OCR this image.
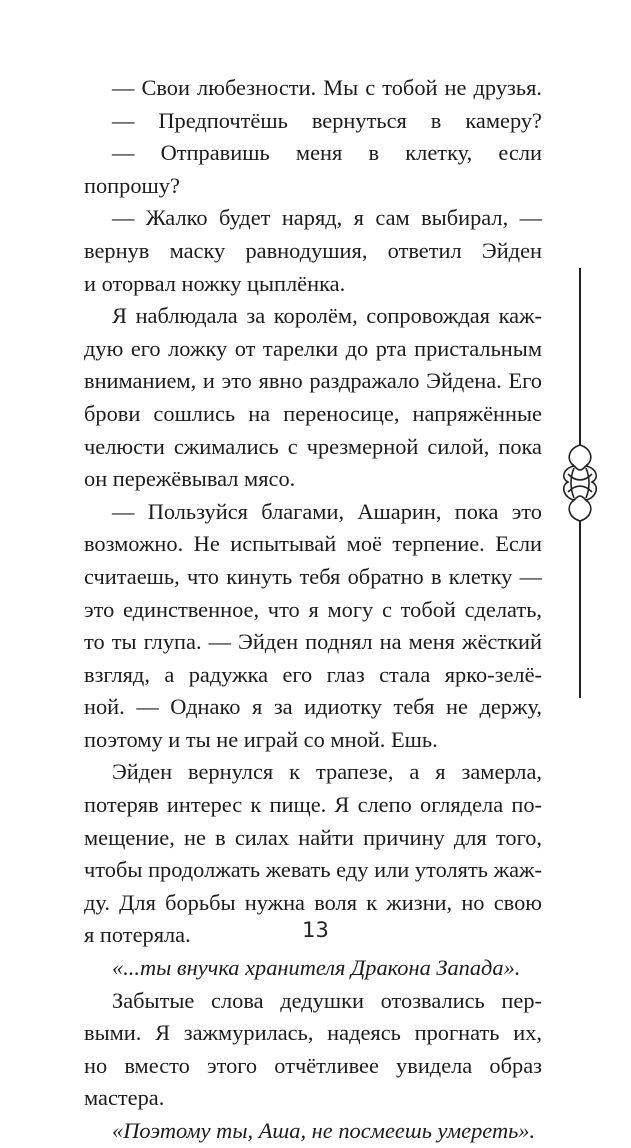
— Свои любезности. Мы с тобой не друзья.
— Предпочтёшь вернуться в камеру?
— Отправишь меня в клетку, если
попрошу?
— Жалко будет наряд, я сам выбирал, —
вернув маску равнодушия, ответил Эйден
и оторвал ножку цыплёнка.
Я наблюдала за королём, сопровождая каж-
дую его ложку от тарелки до рта пристальным
вниманием, и это явно раздражало Эйдена. Его
брови сошлись на переносице, напряжённые
челюсти сжимались с чрезмерной силой, пока
он пережёвывал мясо.
— Пользуйся благами, Ашарин, пока это
возможно. Не испытывай моё терпение. Если
считаешь, что кинуть тебя обратно в клетку —
это единственное, что я могу с тобой сделать,
то ты глупа. — Эйден поднял на меня жёсткий
взгляд, а радужка его глаз стала ярко-зелё-
ной. — Однако я за идиотку тебя не держу,
поэтому и ты не играй со мной. Ешь.
Эйден вернулся к трапезе, а я замерла,
потеряв интерес к пище. Я слепо оглядела по-
мещение, не в силах найти причину для того,
чтобы продолжать жевать еду или утолять жаж-
ду. Для борьбы нужна воля к жизни, но свою
я потеряла.
«...ты внучка хранителя Дракона Запада».
Забытые слова дедушки отозвались пер-
выми. Я зажмурилась, надеясь прогнать их,
но вместо этого отчётливее увидела образ
мастера.
«Поэтому ты, Аша, не посмеешь умереть».
13
